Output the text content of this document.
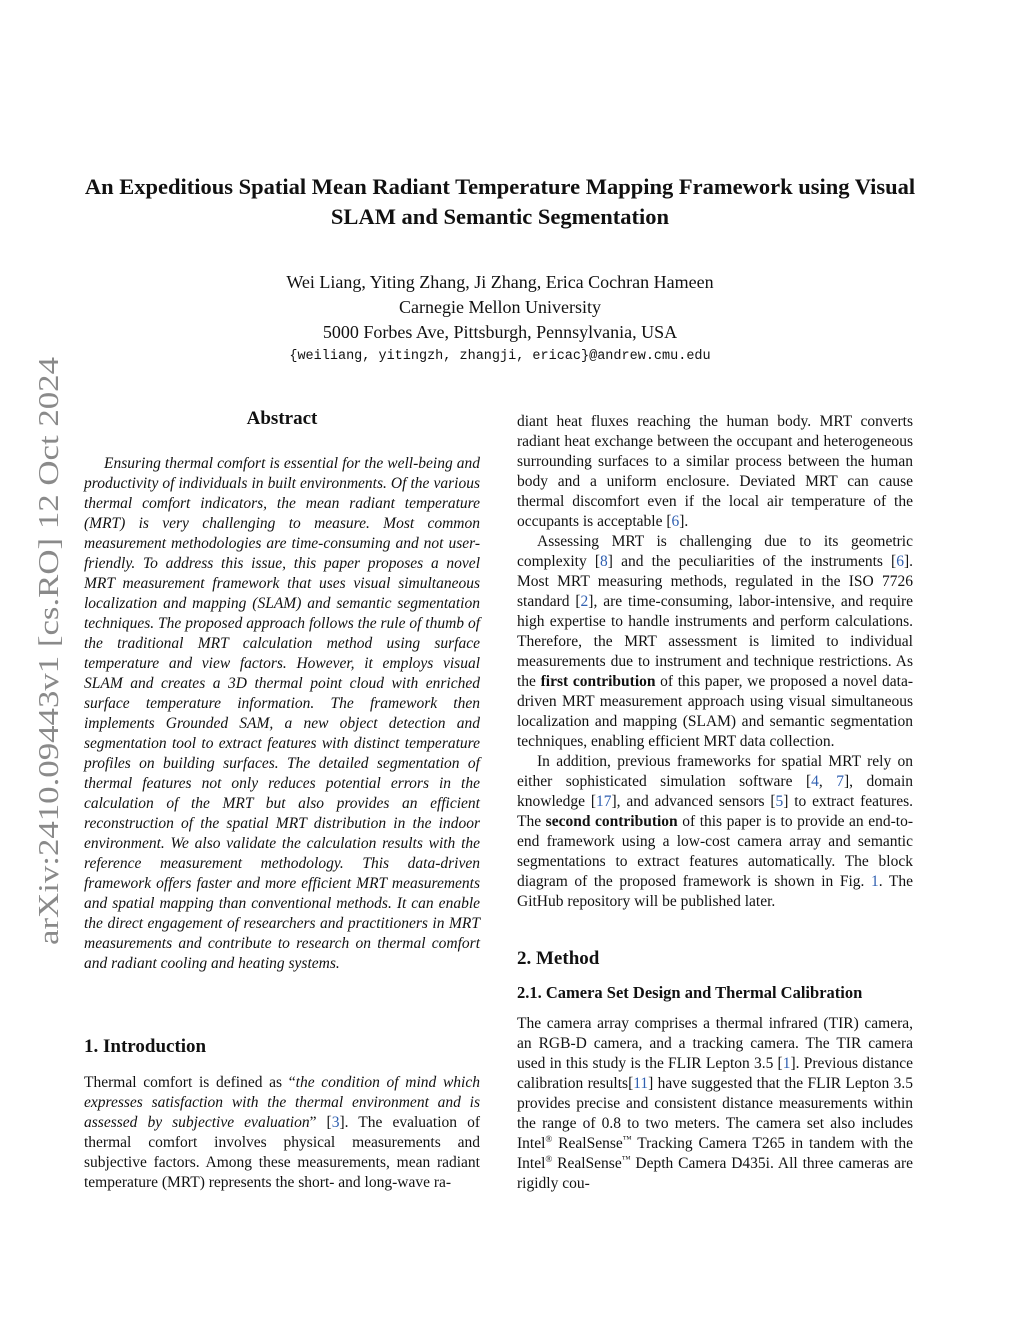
arXiv:2410.09443v1 [cs.RO] 12 Oct 2024
An Expeditious Spatial Mean Radiant Temperature Mapping Framework using Visual SLAM and Semantic Segmentation
Wei Liang, Yiting Zhang, Ji Zhang, Erica Cochran Hameen
Carnegie Mellon University
5000 Forbes Ave, Pittsburgh, Pennsylvania, USA
{weiliang, yitingzh, zhangji, ericac}@andrew.cmu.edu
Abstract

Ensuring thermal comfort is essential for the well-being and productivity of individuals in built environments. Of the various thermal comfort indicators, the mean radiant temperature (MRT) is very challenging to measure. Most common measurement methodologies are time-consuming and not user-friendly. To address this issue, this paper proposes a novel MRT measurement framework that uses visual simultaneous localization and mapping (SLAM) and semantic segmentation techniques. The proposed approach follows the rule of thumb of the traditional MRT calculation method using surface temperature and view factors. However, it employs visual SLAM and creates a 3D thermal point cloud with enriched surface temperature information. The framework then implements Grounded SAM, a new object detection and segmentation tool to extract features with distinct temperature profiles on building surfaces. The detailed segmentation of thermal features not only reduces potential errors in the calculation of the MRT but also provides an efficient reconstruction of the spatial MRT distribution in the indoor environment. We also validate the calculation results with the reference measurement methodology. This data-driven framework offers faster and more efficient MRT measurements and spatial mapping than conventional methods. It can enable the direct engagement of researchers and practitioners in MRT measurements and contribute to research on thermal comfort and radiant cooling and heating systems.

1. Introduction

Thermal comfort is defined as “the condition of mind which expresses satisfaction with the thermal environment and is assessed by subjective evaluation” [3]. The evaluation of thermal comfort involves physical measurements and subjective factors. Among these measurements, mean radiant temperature (MRT) represents the short- and long-wave ra-

diant heat fluxes reaching the human body. MRT converts radiant heat exchange between the occupant and heterogeneous surrounding surfaces to a similar process between the human body and a uniform enclosure. Deviated MRT can cause thermal discomfort even if the local air temperature of the occupants is acceptable [6].

Assessing MRT is challenging due to its geometric complexity [8] and the peculiarities of the instruments [6]. Most MRT measuring methods, regulated in the ISO 7726 standard [2], are time-consuming, labor-intensive, and require high expertise to handle instruments and perform calculations. Therefore, the MRT assessment is limited to individual measurements due to instrument and technique restrictions. As the first contribution of this paper, we proposed a novel data-driven MRT measurement approach using visual simultaneous localization and mapping (SLAM) and semantic segmentation techniques, enabling efficient MRT data collection.

In addition, previous frameworks for spatial MRT rely on either sophisticated simulation software [4, 7], domain knowledge [17], and advanced sensors [5] to extract features. The second contribution of this paper is to provide an end-to-end framework using a low-cost camera array and semantic segmentations to extract features automatically. The block diagram of the proposed framework is shown in Fig. 1. The GitHub repository will be published later.

2. Method
2.1. Camera Set Design and Thermal Calibration

The camera array comprises a thermal infrared (TIR) camera, an RGB-D camera, and a tracking camera. The TIR camera used in this study is the FLIR Lepton 3.5 [1]. Previous distance calibration results[11] have suggested that the FLIR Lepton 3.5 provides precise and consistent distance measurements within the range of 0.8 to two meters. The camera set also includes Intel® RealSense™ Tracking Camera T265 in tandem with the Intel® RealSense™ Depth Camera D435i. All three cameras are rigidly cou-
